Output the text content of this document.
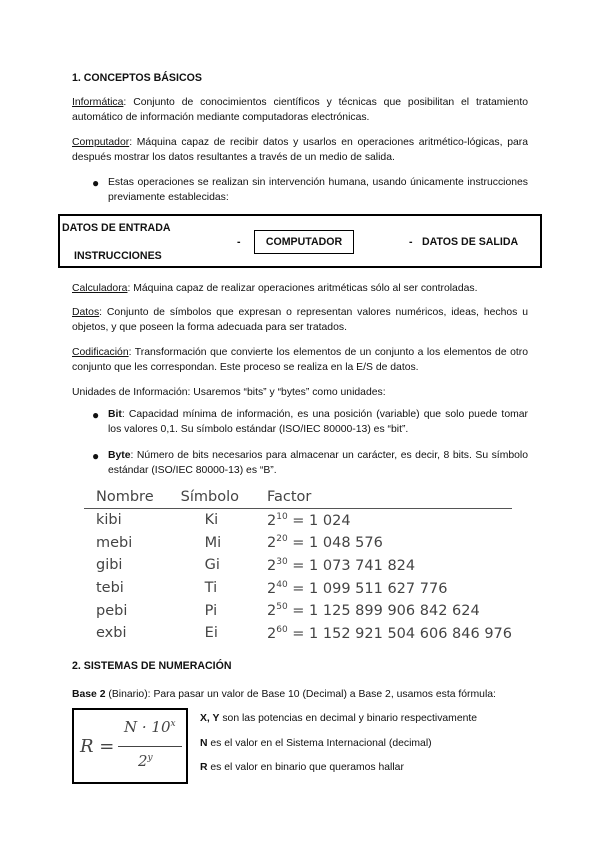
1. CONCEPTOS BÁSICOS
Informática: Conjunto de conocimientos científicos y técnicas que posibilitan el tratamiento automático de información mediante computadoras electrónicas.
Computador: Máquina capaz de recibir datos y usarlos en operaciones aritmético-lógicas, para después mostrar los datos resultantes a través de un medio de salida.
● Estas operaciones se realizan sin intervención humana, usando únicamente instrucciones previamente establecidas:
DATOS DE ENTRADA
INSTRUCCIONES
-	COMPUTADOR	- DATOS DE SALIDA
Calculadora: Máquina capaz de realizar operaciones aritméticas sólo al ser controladas.
Datos: Conjunto de símbolos que expresan o representan valores numéricos, ideas, hechos u objetos, y que poseen la forma adecuada para ser tratados.
Codificación: Transformación que convierte los elementos de un conjunto a los elementos de otro conjunto que les correspondan. Este proceso se realiza en la E/S de datos.
Unidades de Información: Usaremos “bits” y “bytes” como unidades:
● Bit: Capacidad mínima de información, es una posición (variable) que solo puede tomar los valores 0,1. Su símbolo estándar (ISO/IEC 80000-13) es “bit”.
● Byte: Número de bits necesarios para almacenar un carácter, es decir, 8 bits. Su símbolo estándar (ISO/IEC 80000-13) es “B”.
Nombre	Símbolo	Factor
kibi	Ki	$2^{10} = 1$ 024
mebi	Mi	$2^{20} = 1$ 048 576
gibi	Gi	$2^{30} = 1$ 073 741 824
tebi	Ti	$2^{40} = 1$ 099 511 627 776
pebi	Pi	$2^{50} = 1$ 125 899 906 842 624
exbi	Ei	$2^{60} = 1$ 152 921 504 606 846 976
2. SISTEMAS DE NUMERACIÓN
Base 2 (Binario): Para pasar un valor de Base 10 (Decimal) a Base 2, usamos esta fórmula:
R =
$N \cdot 10^x$
2$^y$
X, Y son las potencias en decimal y binario respectivamente
N es el valor en el Sistema Internacional (decimal)
R es el valor en binario que queramos hallar
